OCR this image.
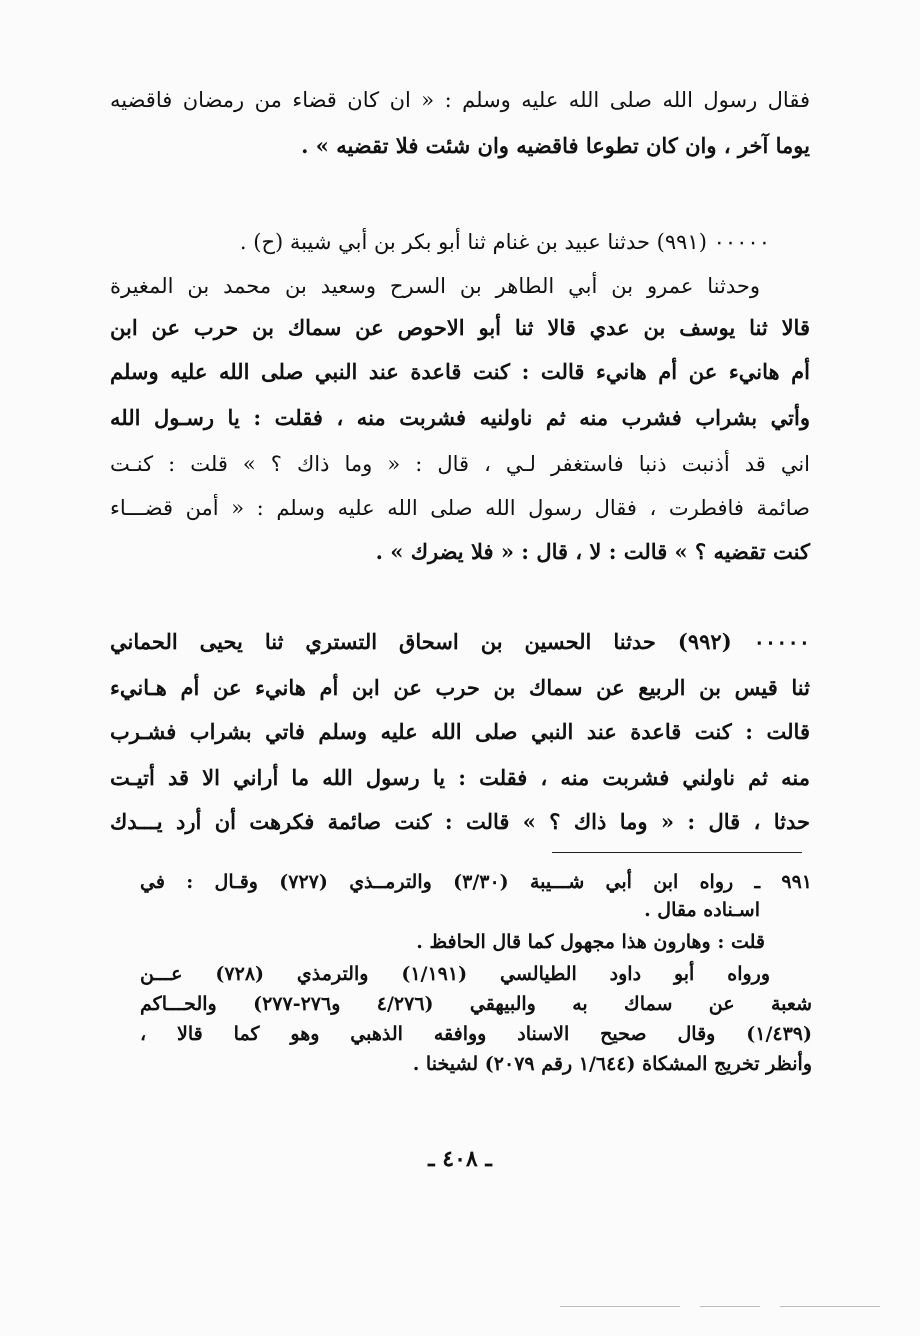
فقال رسول الله صلى الله عليه وسلم : « ان كان قضاء من رمضان فاقضيه
يوما آخر ، وان كان تطوعا فاقضيه وان شئت فلا تقضيه » .
٠٠٠٠٠ (٩٩١) حدثنا عبيد بن غنام ثنا أبو بكر بن أبي شيبة (ح) .
وحدثنا عمرو بن أبي الطاهر بن السرح وسعيد بن محمد بن المغيرة
قالا ثنا يوسف بن عدي قالا ثنا أبو الاحوص عن سماك بن حرب عن ابن
أم هانيء عن أم هانيء قالت : كنت قاعدة عند النبي صلى الله عليه وسلم
وأتي بشراب فشرب منه ثم ناولنيه فشربت منه ، فقلت : يا رسـول الله
اني قد أذنبت ذنبا فاستغفر لـي ، قال : « وما ذاك ؟ » قلت : كنـت
صائمة فافطرت ، فقال رسول الله صلى الله عليه وسلم : « أمن قضـــاء
كنت تقضيه ؟ » قالت : لا ، قال : « فلا يضرك » .
٠٠٠٠٠ (٩٩٢) حدثنا الحسين بن اسحاق التستري ثنا يحيى الحماني
ثنا قيس بن الربيع عن سماك بن حرب عن ابن أم هانيء عن أم هـانيء
قالت : كنت قاعدة عند النبي صلى الله عليه وسلم فاتي بشراب فشـرب
منه ثم ناولني فشربت منه ، فقلت : يا رسول الله ما أراني الا قد أتيـت
حدثا ، قال : « وما ذاك ؟ » قالت : كنت صائمة فكرهت أن أرد يـــدك
٩٩١ ـ رواه ابن أبي شـــيبة (٣/٣٠) والترمــذي (٧٢٧) وقـال : في
اسـناده مقال .
قلت : وهارون هذا مجهول كما قال الحافظ .
ورواه أبو داود الطيالسي (١/١٩١) والترمذي (٧٢٨) عـــن
شعبة عن سماك به والبيهقي (٤/٢٧٦ و٢٧٦-٢٧٧) والحـــاكم
(١/٤٣٩) وقال صحيح الاسناد ووافقه الذهبي وهو كما قالا ،
وأنظر تخريج المشكاة (١/٦٤٤ رقم ٢٠٧٩) لشيخنا .
ـ ٤٠٨ ـ
